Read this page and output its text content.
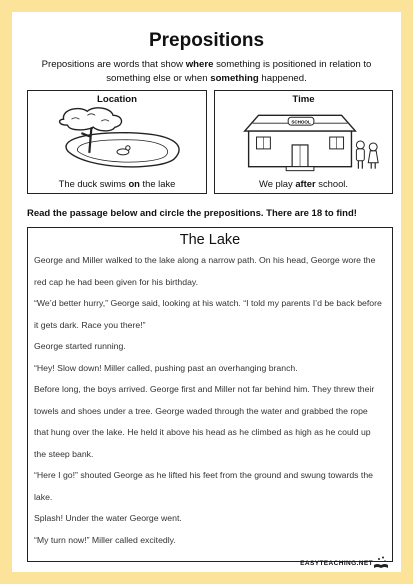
Prepositions
Prepositions are words that show where something is positioned in relation to
something else or when something happened.
Location
The duck swims on the lake
Time
SCHOOL
We play after school.
Read the passage below and circle the prepositions. There are 18 to find!
The Lake
George and Miller walked to the lake along a narrow path. On his head, George wore the red cap he had been given for his birthday.
“We’d better hurry,” George said, looking at his watch. “I told my parents I’d be back before it gets dark. Race you there!”
George started running.
“Hey! Slow down! Miller called, pushing past an overhanging branch.
Before long, the boys arrived. George first and Miller not far behind him. They threw their towels and shoes under a tree. George waded through the water and grabbed the rope that hung over the lake. He held it above his head as he climbed as high as he could up the steep bank.
“Here I go!” shouted George as he lifted his feet from the ground and swung towards the lake.
Splash! Under the water George went.
“My turn now!” Miller called excitedly.
EASYTEACHING.NET
